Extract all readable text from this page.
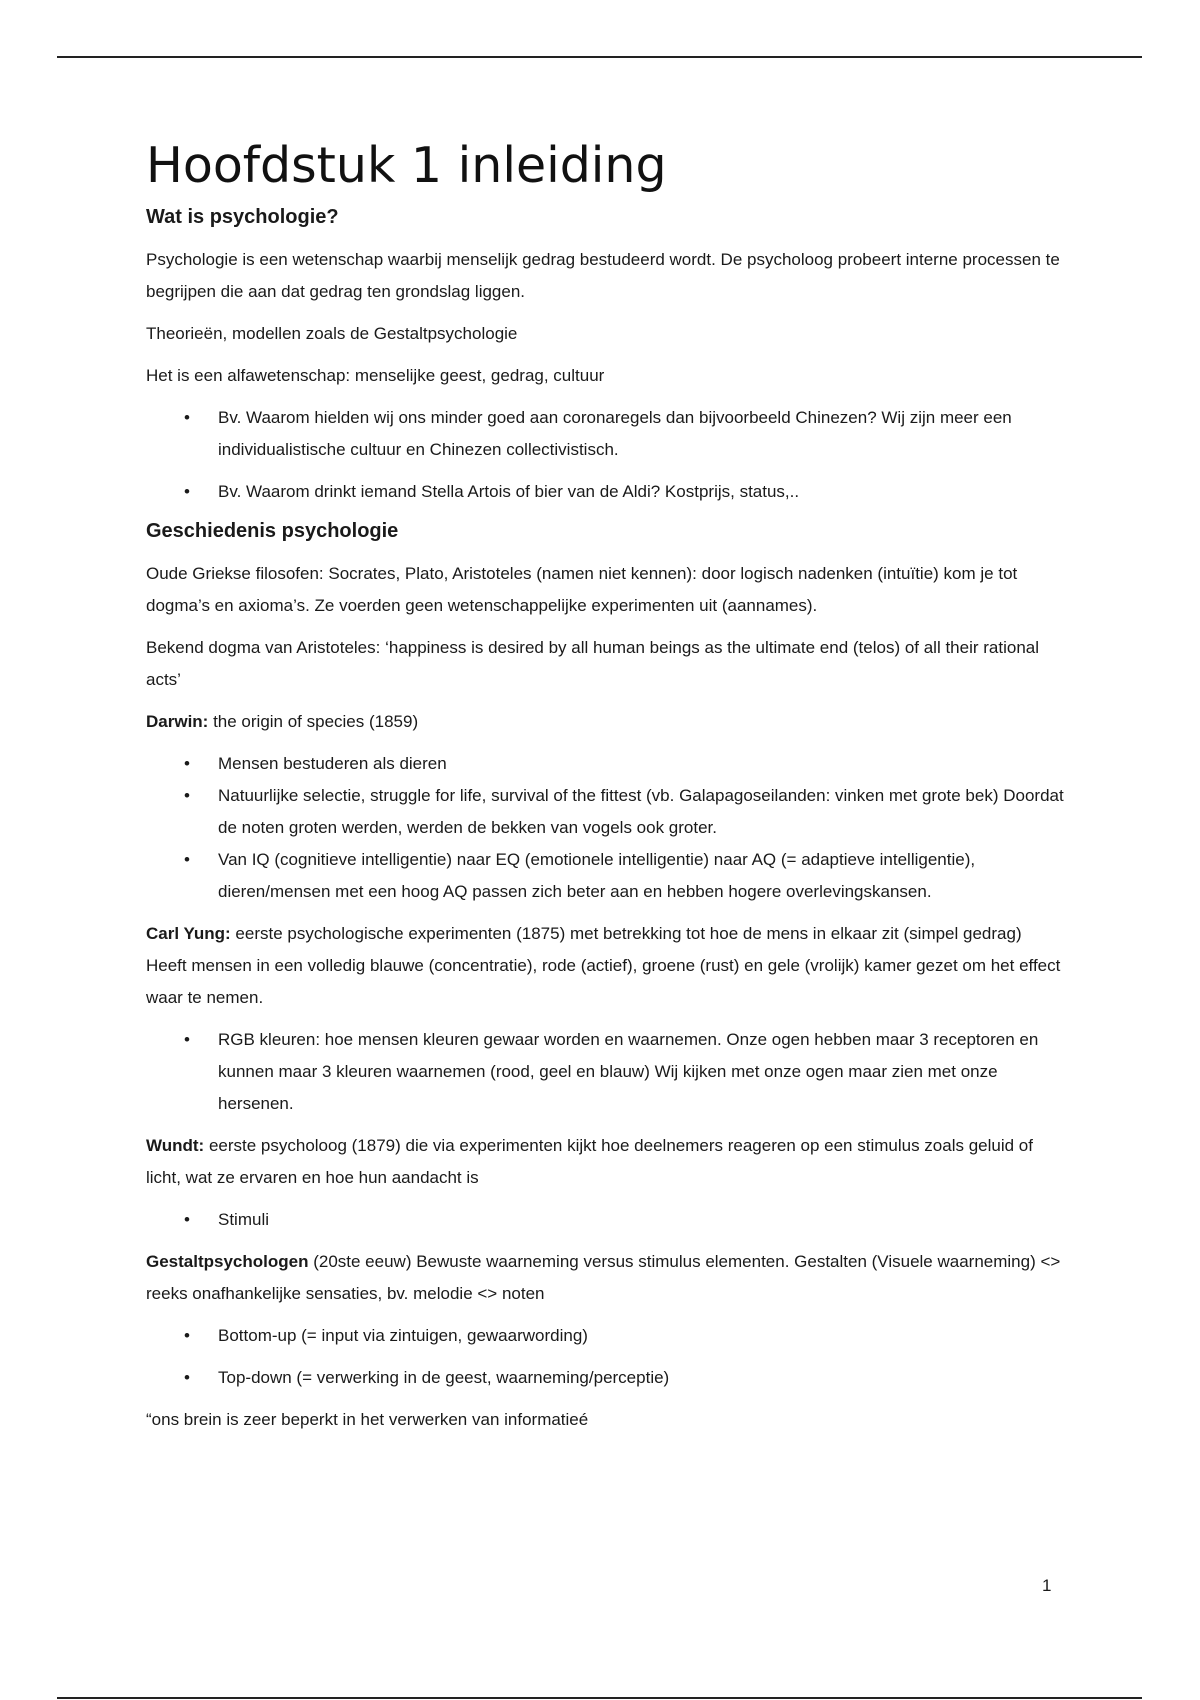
Hoofdstuk 1 inleiding
Wat is psychologie?

Psychologie is een wetenschap waarbij menselijk gedrag bestudeerd wordt. De psycholoog probeert interne processen te begrijpen die aan dat gedrag ten grondslag liggen.

Theorieën, modellen zoals de Gestaltpsychologie

Het is een alfawetenschap: menselijke geest, gedrag, cultuur

• Bv. Waarom hielden wij ons minder goed aan coronaregels dan bijvoorbeeld Chinezen? Wij zijn meer een individualistische cultuur en Chinezen collectivistisch.
• Bv. Waarom drinkt iemand Stella Artois of bier van de Aldi? Kostprijs, status,..
Geschiedenis psychologie

Oude Griekse filosofen: Socrates, Plato, Aristoteles (namen niet kennen): door logisch nadenken (intuïtie) kom je tot dogma’s en axioma’s. Ze voerden geen wetenschappelijke experimenten uit (aannames).

Bekend dogma van Aristoteles: ‘happiness is desired by all human beings as the ultimate end (telos) of all their rational acts’

Darwin: the origin of species (1859)

• Mensen bestuderen als dieren
• Natuurlijke selectie, struggle for life, survival of the fittest (vb. Galapagoseilanden: vinken met grote bek) Doordat de noten groten werden, werden de bekken van vogels ook groter.
• Van IQ (cognitieve intelligentie) naar EQ (emotionele intelligentie) naar AQ (= adaptieve intelligentie), dieren/mensen met een hoog AQ passen zich beter aan en hebben hogere overlevingskansen.

Carl Yung: eerste psychologische experimenten (1875) met betrekking tot hoe de mens in elkaar zit (simpel gedrag) Heeft mensen in een volledig blauwe (concentratie), rode (actief), groene (rust) en gele (vrolijk) kamer gezet om het effect waar te nemen.

• RGB kleuren: hoe mensen kleuren gewaar worden en waarnemen. Onze ogen hebben maar 3 receptoren en kunnen maar 3 kleuren waarnemen (rood, geel en blauw) Wij kijken met onze ogen maar zien met onze hersenen.

Wundt: eerste psycholoog (1879) die via experimenten kijkt hoe deelnemers reageren op een stimulus zoals geluid of licht, wat ze ervaren en hoe hun aandacht is

• Stimuli

Gestaltpsychologen (20ste eeuw) Bewuste waarneming versus stimulus elementen. Gestalten (Visuele waarneming) <> reeks onafhankelijke sensaties, bv. melodie <> noten

• Bottom-up (= input via zintuigen, gewaarwording)
• Top-down (= verwerking in de geest, waarneming/perceptie)

“ons brein is zeer beperkt in het verwerken van informatieé

1
